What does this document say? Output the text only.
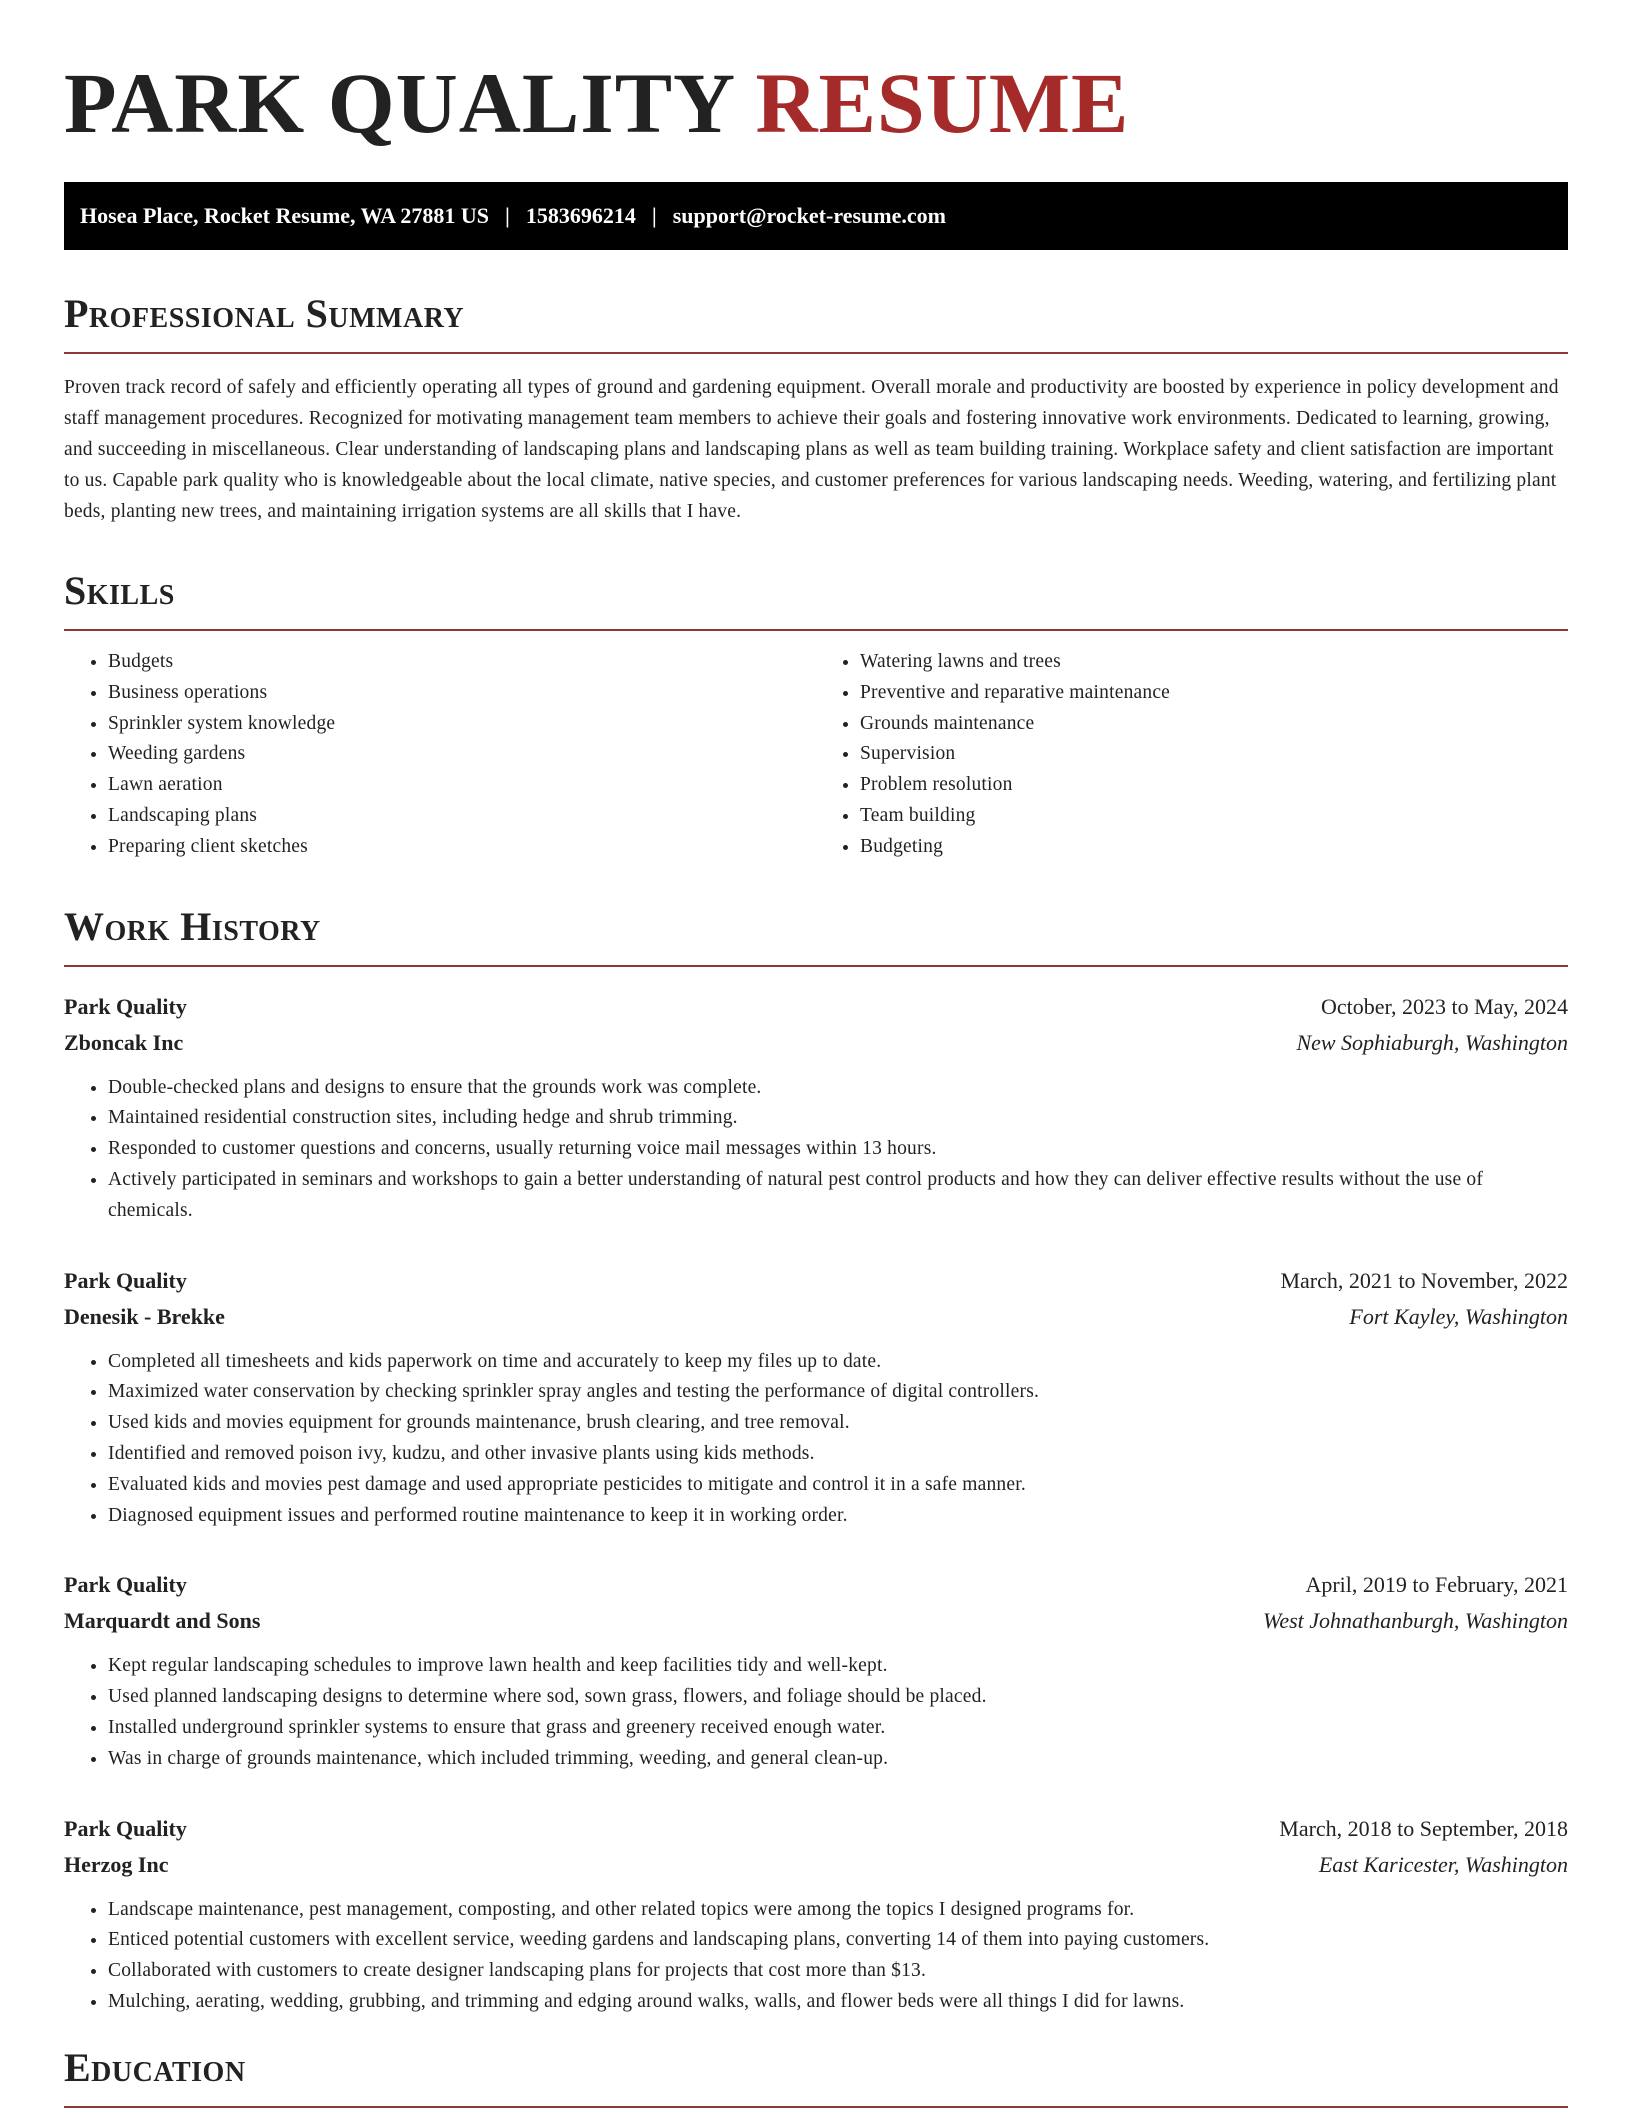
PARK QUALITY RESUME
Hosea Place, Rocket Resume, WA 27881 US | 1583696214 | support@rocket-resume.com
Professional Summary
Proven track record of safely and efficiently operating all types of ground and gardening equipment. Overall morale and productivity are boosted by experience in policy development and staff management procedures. Recognized for motivating management team members to achieve their goals and fostering innovative work environments. Dedicated to learning, growing, and succeeding in miscellaneous. Clear understanding of landscaping plans and landscaping plans as well as team building training. Workplace safety and client satisfaction are important to us. Capable park quality who is knowledgeable about the local climate, native species, and customer preferences for various landscaping needs. Weeding, watering, and fertilizing plant beds, planting new trees, and maintaining irrigation systems are all skills that I have.
Skills
• Budgets
• Business operations
• Sprinkler system knowledge
• Weeding gardens
• Lawn aeration
• Landscaping plans
• Preparing client sketches
• Watering lawns and trees
• Preventive and reparative maintenance
• Grounds maintenance
• Supervision
• Problem resolution
• Team building
• Budgeting
Work History
Park Quality	October, 2023 to May, 2024
Zboncak Inc	New Sophiaburgh, Washington
• Double-checked plans and designs to ensure that the grounds work was complete.
• Maintained residential construction sites, including hedge and shrub trimming.
• Responded to customer questions and concerns, usually returning voice mail messages within 13 hours.
• Actively participated in seminars and workshops to gain a better understanding of natural pest control products and how they can deliver effective results without the use of chemicals.
Park Quality	March, 2021 to November, 2022
Denesik - Brekke	Fort Kayley, Washington
• Completed all timesheets and kids paperwork on time and accurately to keep my files up to date.
• Maximized water conservation by checking sprinkler spray angles and testing the performance of digital controllers.
• Used kids and movies equipment for grounds maintenance, brush clearing, and tree removal.
• Identified and removed poison ivy, kudzu, and other invasive plants using kids methods.
• Evaluated kids and movies pest damage and used appropriate pesticides to mitigate and control it in a safe manner.
• Diagnosed equipment issues and performed routine maintenance to keep it in working order.
Park Quality	April, 2019 to February, 2021
Marquardt and Sons	West Johnathanburgh, Washington
• Kept regular landscaping schedules to improve lawn health and keep facilities tidy and well-kept.
• Used planned landscaping designs to determine where sod, sown grass, flowers, and foliage should be placed.
• Installed underground sprinkler systems to ensure that grass and greenery received enough water.
• Was in charge of grounds maintenance, which included trimming, weeding, and general clean-up.
Park Quality	March, 2018 to September, 2018
Herzog Inc	East Karicester, Washington
• Landscape maintenance, pest management, composting, and other related topics were among the topics I designed programs for.
• Enticed potential customers with excellent service, weeding gardens and landscaping plans, converting 14 of them into paying customers.
• Collaborated with customers to create designer landscaping plans for projects that cost more than $13.
• Mulching, aerating, wedding, grubbing, and trimming and edging around walks, walls, and flower beds were all things I did for lawns.
Education
